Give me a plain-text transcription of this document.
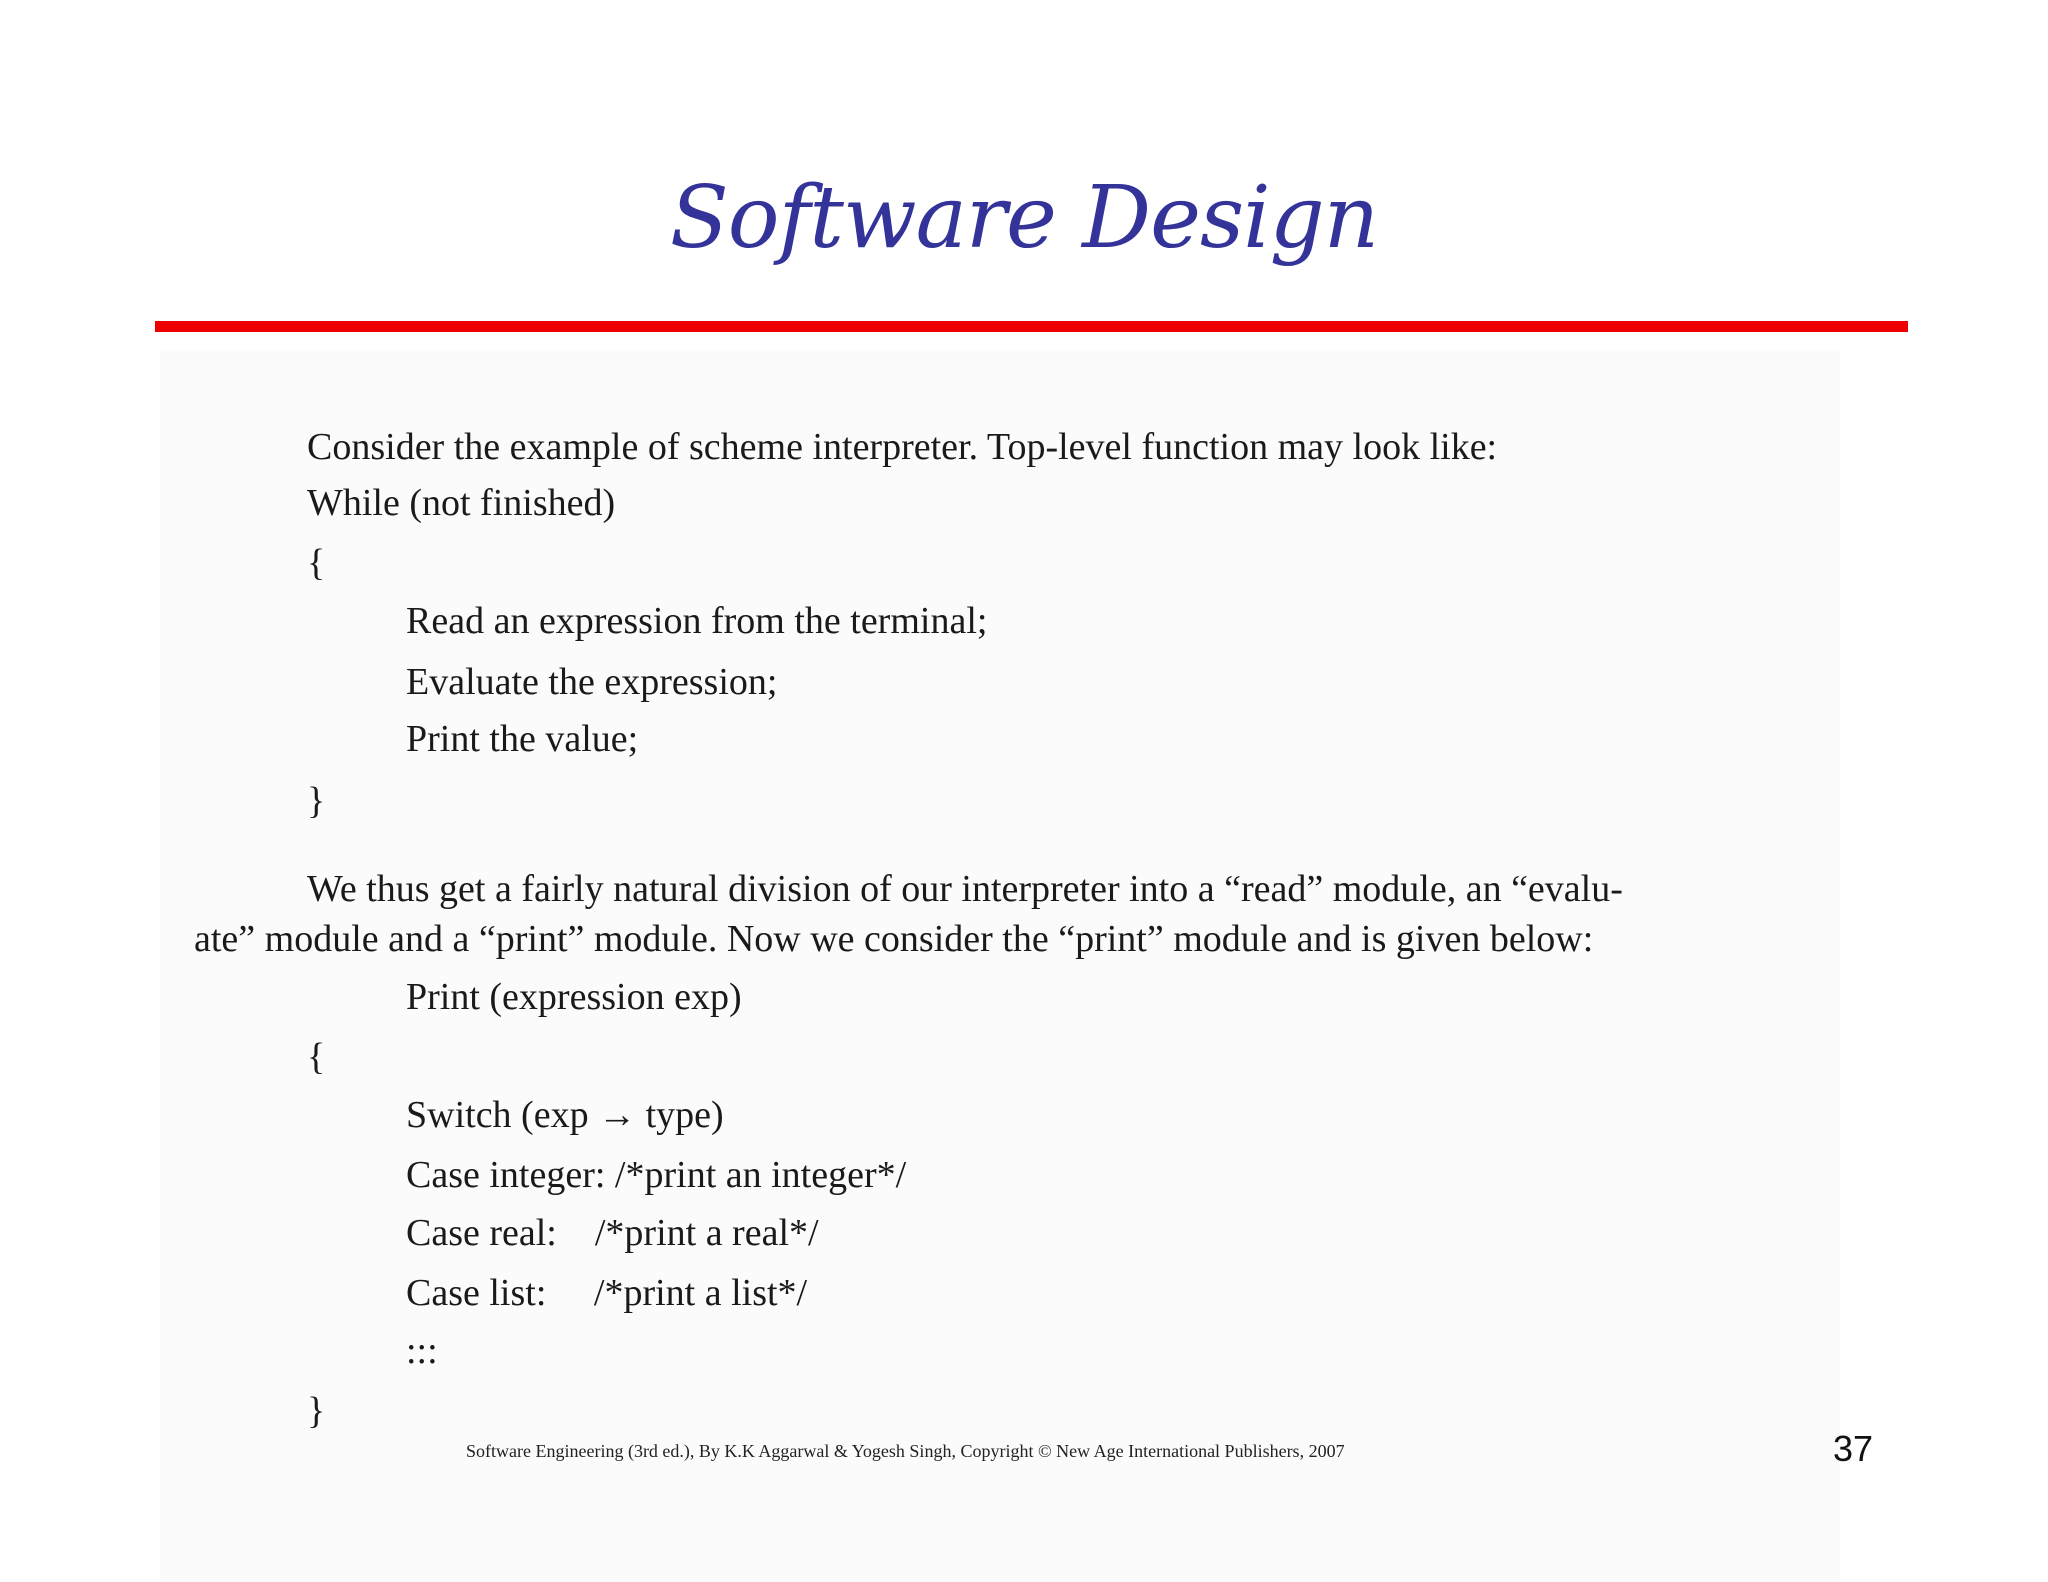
Software Design
Consider the example of scheme interpreter. Top-level function may look like:
While (not finished)
{
Read an expression from the terminal;
Evaluate the expression;
Print the value;
}
We thus get a fairly natural division of our interpreter into a “read” module, an “evalu-
ate” module and a “print” module. Now we consider the “print” module and is given below:
Print (expression exp)
{
Switch (exp → type)
Case integer: /*print an integer*/
Case real:    /*print a real*/
Case list:     /*print a list*/
:::
}
Software Engineering (3rd ed.), By K.K Aggarwal & Yogesh Singh, Copyright © New Age International Publishers, 2007	37
